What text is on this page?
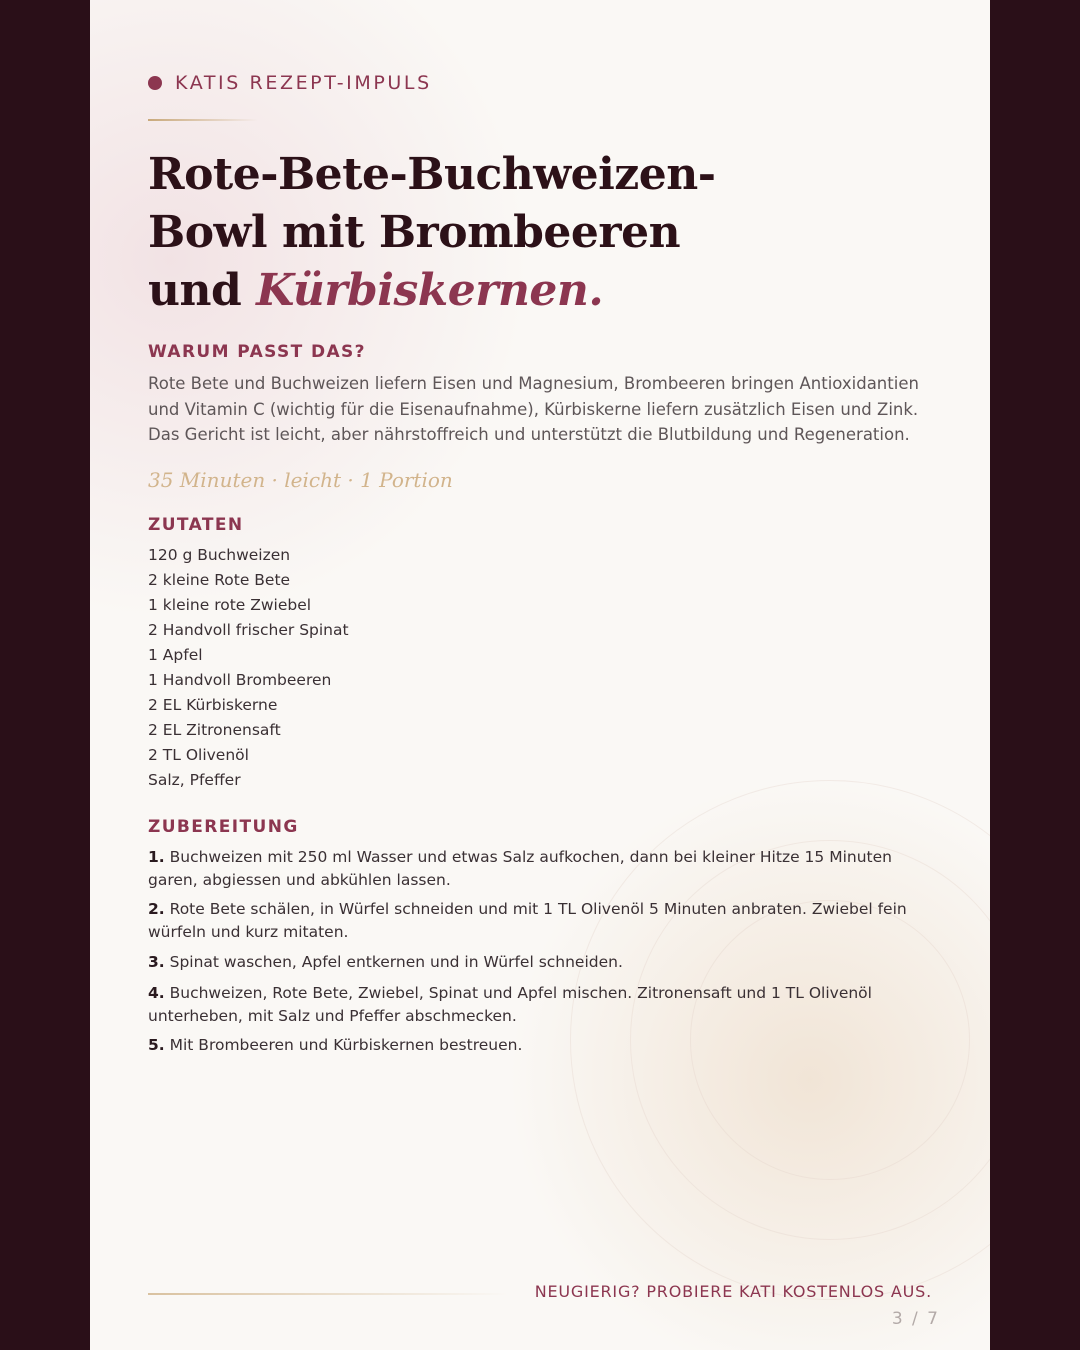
KATIS REZEPT-IMPULS
Rote-Bete-Buchweizen-
Bowl mit Brombeeren
und Kürbiskernen.
WARUM PASST DAS?

Rote Bete und Buchweizen liefern Eisen und Magnesium, Brombeeren bringen Antioxidantien und Vitamin C (wichtig für die Eisenaufnahme), Kürbiskerne liefern zusätzlich Eisen und Zink. Das Gericht ist leicht, aber nährstoffreich und unterstützt die Blutbildung und Regeneration.

35 Minuten · leicht · 1 Portion
ZUTATEN
120 g Buchweizen
2 kleine Rote Bete
1 kleine rote Zwiebel
2 Handvoll frischer Spinat
1 Apfel
1 Handvoll Brombeeren
2 EL Kürbiskerne
2 EL Zitronensaft
2 TL Olivenöl
Salz, Pfeffer
ZUBEREITUNG
1. Buchweizen mit 250 ml Wasser und etwas Salz aufkochen, dann bei kleiner Hitze 15 Minuten garen, abgiessen und abkühlen lassen.
2. Rote Bete schälen, in Würfel schneiden und mit 1 TL Olivenöl 5 Minuten anbraten. Zwiebel fein würfeln und kurz mitaten.
3. Spinat waschen, Apfel entkernen und in Würfel schneiden.
4. Buchweizen, Rote Bete, Zwiebel, Spinat und Apfel mischen. Zitronensaft und 1 TL Olivenöl unterheben, mit Salz und Pfeffer abschmecken.
5. Mit Brombeeren und Kürbiskernen bestreuen.
NEUGIERIG? PROBIERE KATI KOSTENLOS AUS.
3 / 7
